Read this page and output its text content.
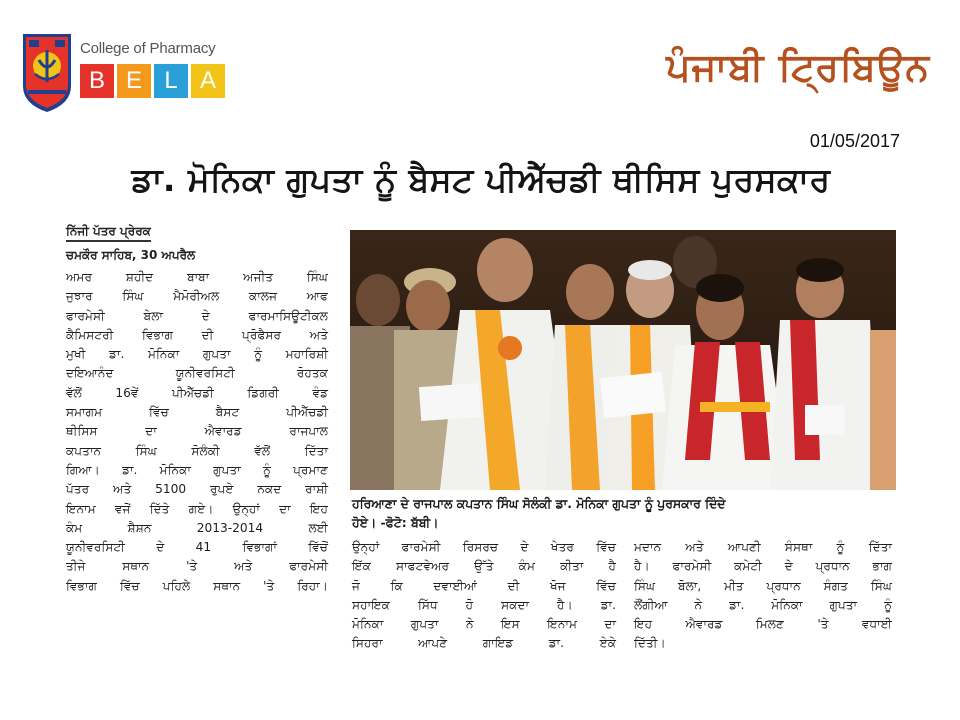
College of Pharmacy
B E L A	ਪੰਜਾਬੀ ਟ੍ਰਿਬਿਊਨ
01/05/2017
ਡਾ. ਮੋਨਿਕਾ ਗੁਪਤਾ ਨੂੰ ਬੈਸਟ ਪੀਐੱਚਡੀ ਥੀਸਿਸ ਪੁਰਸਕਾਰ
ਨਿੱਜੀ ਪੱਤਰ ਪ੍ਰੇਰਕ
ਚਮਕੌਰ ਸਾਹਿਬ, 30 ਅਪਰੈਲ
ਅਮਰ ਸ਼ਹੀਦ ਬਾਬਾ ਅਜੀਤ ਸਿੰਘ
ਜੁਝਾਰ ਸਿੰਘ ਮੈਮੋਰੀਅਲ ਕਾਲਜ ਆਫ
ਫਾਰਮੇਸੀ ਬੇਲਾ ਦੇ ਫਾਰਮਾਸਿਊਟੀਕਲ
ਕੈਮਿਸਟਰੀ ਵਿਭਾਗ ਦੀ ਪ੍ਰੋਫੈਸਰ ਅਤੇ
ਮੁਖੀ ਡਾ. ਮੋਨਿਕਾ ਗੁਪਤਾ ਨੂੰ ਮਹਾਰਿਸ਼ੀ
ਦਇਆਨੰਦ ਯੂਨੀਵਰਸਿਟੀ ਰੋਹਤਕ
ਵੱਲੋਂ 16ਵੇਂ ਪੀਐੱਚਡੀ ਡਿਗਰੀ ਵੰਡ
ਸਮਾਗਮ ਵਿੱਚ ਬੈਸਟ ਪੀਐੱਚਡੀ
ਥੀਸਿਸ ਦਾ ਐਵਾਰਡ ਰਾਜਪਾਲ
ਕਪਤਾਨ ਸਿੰਘ ਸੋਲੰਕੀ ਵੱਲੋਂ ਦਿੱਤਾ
ਗਿਆ। ਡਾ. ਮੋਨਿਕਾ ਗੁਪਤਾ ਨੂੰ ਪ੍ਰਮਾਣ
ਪੱਤਰ ਅਤੇ 5100 ਰੁਪਏ ਨਕਦ ਰਾਸ਼ੀ
ਇਨਾਮ ਵਜੋਂ ਦਿੱਤੇ ਗਏ। ਉਨ੍ਹਾਂ ਦਾ ਇਹ
ਕੰਮ ਸ਼ੈਸ਼ਨ 2013-2014 ਲਈ
ਯੂਨੀਵਰਸਿਟੀ ਦੇ 41 ਵਿਭਾਗਾਂ ਵਿੱਚੋਂ
ਤੀਜੇ ਸਥਾਨ 'ਤੇ ਅਤੇ ਫਾਰਮੇਸੀ
ਵਿਭਾਗ ਵਿੱਚ ਪਹਿਲੇ ਸਥਾਨ 'ਤੇ ਰਿਹਾ।
ਹਰਿਆਣਾ ਦੇ ਰਾਜਪਾਲ ਕਪਤਾਨ ਸਿੰਘ ਸੋਲੰਕੀ ਡਾ. ਮੋਨਿਕਾ ਗੁਪਤਾ ਨੂੰ ਪੁਰਸਕਾਰ ਦਿੰਦੇ
ਹੋਏ। -ਫੋਟੋ: ਬੱਬੀ।
ਉਨ੍ਹਾਂ ਫਾਰਮੇਸੀ ਰਿਸਰਚ ਦੇ ਖੇਤਰ ਵਿੱਚ
ਇੱਕ ਸਾਫਟਵੇਅਰ ਉੱਤੇ ਕੰਮ ਕੀਤਾ ਹੈ
ਜੋ ਕਿ ਦਵਾਈਆਂ ਦੀ ਖੋਜ ਵਿੱਚ
ਸਹਾਇਕ ਸਿੱਧ ਹੋ ਸਕਦਾ ਹੈ। ਡਾ.
ਮੋਨਿਕਾ ਗੁਪਤਾ ਨੇ ਇਸ ਇਨਾਮ ਦਾ
ਸਿਹਰਾ ਆਪਣੇ ਗਾਇਡ ਡਾ. ਏਕੇ
ਮਦਾਨ ਅਤੇ ਆਪਣੀ ਸੰਸਥਾ ਨੂੰ ਦਿੱਤਾ
ਹੈ। ਫਾਰਮੇਸੀ ਕਮੇਟੀ ਦੇ ਪ੍ਰਧਾਨ ਭਾਗ
ਸਿੰਘ ਬੋਲਾ, ਮੀਤ ਪ੍ਰਧਾਨ ਸੰਗਤ ਸਿੰਘ
ਲੌਂਗੀਆ ਨੇ ਡਾ. ਮੋਨਿਕਾ ਗੁਪਤਾ ਨੂੰ
ਇਹ ਐਵਾਰਡ ਮਿਲਣ 'ਤੇ ਵਧਾਈ
ਦਿੱਤੀ।
